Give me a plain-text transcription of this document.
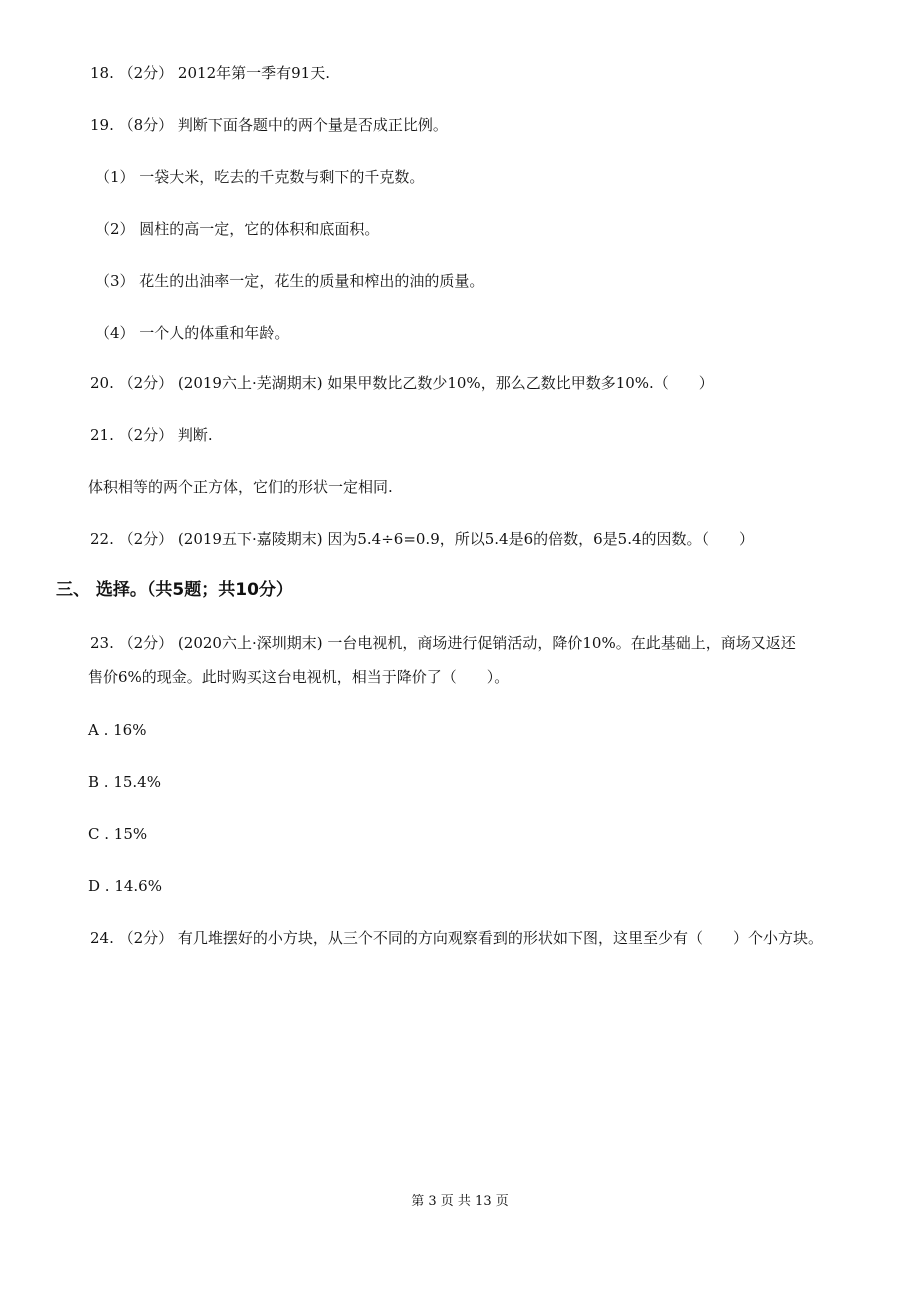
18. （2分） 2012年第一季有91天.
19. （8分） 判断下面各题中的两个量是否成正比例。
（1） 一袋大米，吃去的千克数与剩下的千克数。
（2） 圆柱的高一定，它的体积和底面积。
（3） 花生的出油率一定，花生的质量和榨出的油的质量。
（4） 一个人的体重和年龄。
20. （2分） (2019六上·芜湖期末) 如果甲数比乙数少10%，那么乙数比甲数多10%.（　　）
21. （2分） 判断.
体积相等的两个正方体，它们的形状一定相同.
22. （2分） (2019五下·嘉陵期末) 因为5.4÷6=0.9，所以5.4是6的倍数，6是5.4的因数。（　　）
三、 选择。（共5题；共10分）
23. （2分） (2020六上·深圳期末) 一台电视机，商场进行促销活动，降价10%。在此基础上，商场又返还
售价6%的现金。此时购买这台电视机，相当于降价了（　　）。
A . 16%
B . 15.4%
C . 15%
D . 14.6%
24. （2分） 有几堆摆好的小方块，从三个不同的方向观察看到的形状如下图，这里至少有（　　）个小方块。
第 3 页 共 13 页
